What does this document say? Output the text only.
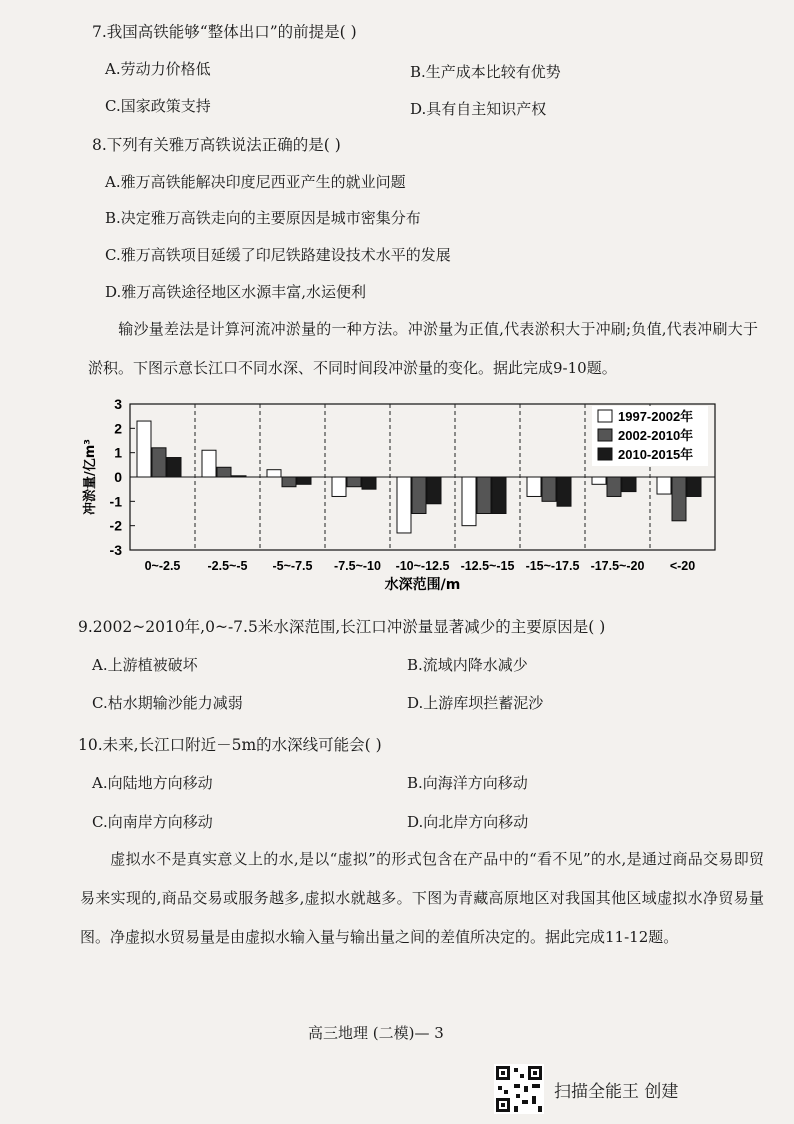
7.我国高铁能够“整体出口”的前提是( )
A.劳动力价格低	B.生产成本比较有优势
C.国家政策支持	D.具有自主知识产权
8.下列有关雅万高铁说法正确的是( )
A.雅万高铁能解决印度尼西亚产生的就业问题
B.决定雅万高铁走向的主要原因是城市密集分布
C.雅万高铁项目延缓了印尼铁路建设技术水平的发展
D.雅万高铁途径地区水源丰富,水运便利
输沙量差法是计算河流冲淤量的一种方法。冲淤量为正值,代表淤积大于冲刷;负值,代表冲刷大于淤积。下图示意长江口不同水深、不同时间段冲淤量的变化。据此完成9-10题。
3
2
1
0
-1
-2
-3
冲淤量/亿m³
0~-2.5 -2.5~-5 -5~-7.5 -7.5~-10 -10~-12.5 -12.5~-15 -15~-17.5 -17.5~-20 <-20
水深范围/m
1997-2002年
2002-2010年
2010-2015年
9.2002~2010年,0~-7.5米水深范围,长江口冲淤量显著减少的主要原因是( )
A.上游植被破坏	B.流域内降水减少
C.枯水期输沙能力减弱	D.上游库坝拦蓄泥沙
10.未来,长江口附近－5m的水深线可能会( )
A.向陆地方向移动	B.向海洋方向移动
C.向南岸方向移动	D.向北岸方向移动
虚拟水不是真实意义上的水,是以“虚拟”的形式包含在产品中的“看不见”的水,是通过商品交易即贸易来实现的,商品交易或服务越多,虚拟水就越多。下图为青藏高原地区对我国其他区域虚拟水净贸易量图。净虚拟水贸易量是由虚拟水输入量与输出量之间的差值所决定的。据此完成11-12题。
高三地理 (二模)— 3
扫描全能王 创建
